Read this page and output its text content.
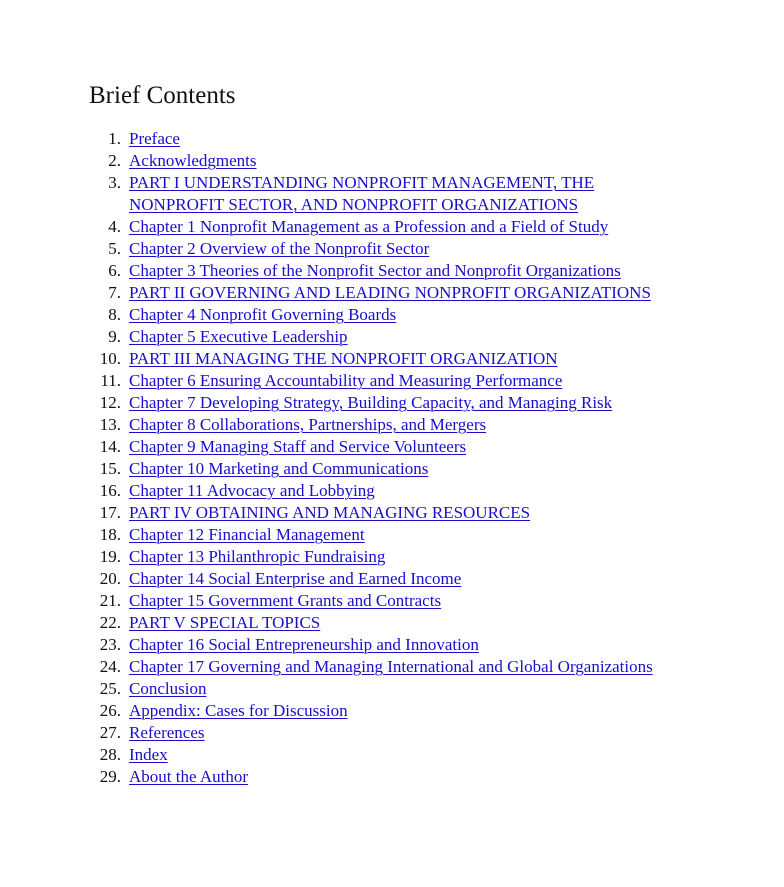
Brief Contents
1. Preface
2. Acknowledgments
3. PART I UNDERSTANDING NONPROFIT MANAGEMENT, THE NONPROFIT SECTOR, AND NONPROFIT ORGANIZATIONS
4. Chapter 1 Nonprofit Management as a Profession and a Field of Study
5. Chapter 2 Overview of the Nonprofit Sector
6. Chapter 3 Theories of the Nonprofit Sector and Nonprofit Organizations
7. PART II GOVERNING AND LEADING NONPROFIT ORGANIZATIONS
8. Chapter 4 Nonprofit Governing Boards
9. Chapter 5 Executive Leadership
10. PART III MANAGING THE NONPROFIT ORGANIZATION
11. Chapter 6 Ensuring Accountability and Measuring Performance
12. Chapter 7 Developing Strategy, Building Capacity, and Managing Risk
13. Chapter 8 Collaborations, Partnerships, and Mergers
14. Chapter 9 Managing Staff and Service Volunteers
15. Chapter 10 Marketing and Communications
16. Chapter 11 Advocacy and Lobbying
17. PART IV OBTAINING AND MANAGING RESOURCES
18. Chapter 12 Financial Management
19. Chapter 13 Philanthropic Fundraising
20. Chapter 14 Social Enterprise and Earned Income
21. Chapter 15 Government Grants and Contracts
22. PART V SPECIAL TOPICS
23. Chapter 16 Social Entrepreneurship and Innovation
24. Chapter 17 Governing and Managing International and Global Organizations
25. Conclusion
26. Appendix: Cases for Discussion
27. References
28. Index
29. About the Author
